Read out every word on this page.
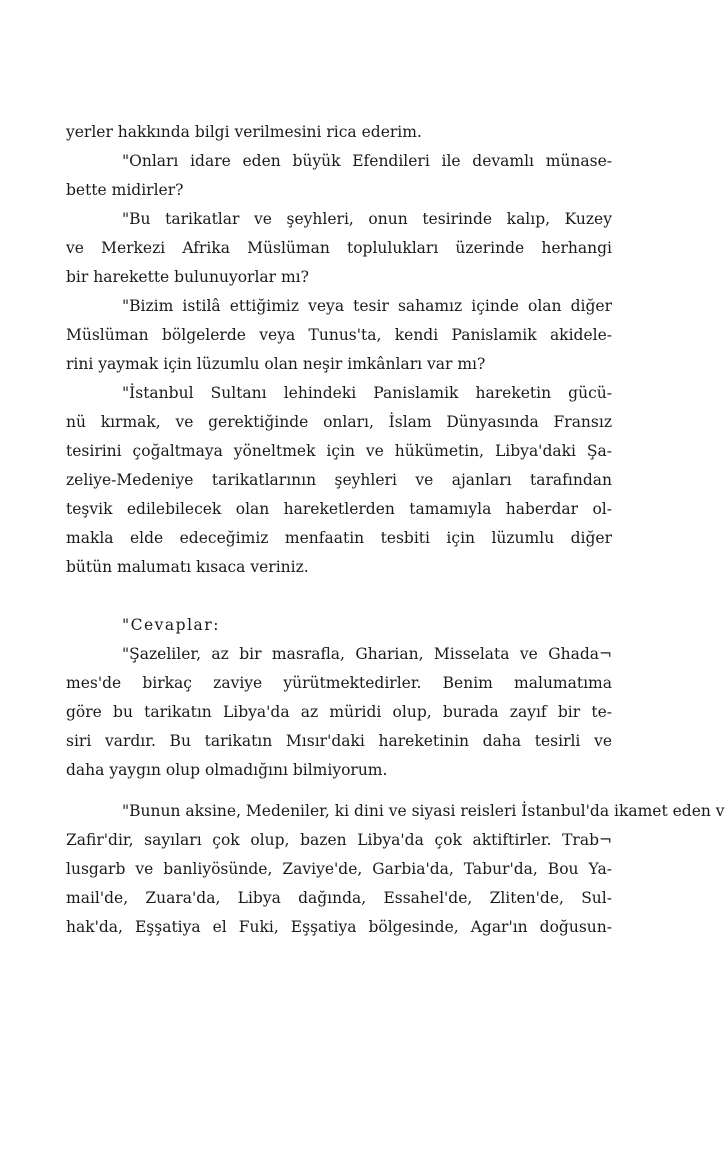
yerler hakkında bilgi verilmesini rica ederim.
"Onları idare eden büyük Efendileri ile devamlı münase-
bette midirler?
"Bu tarikatlar ve şeyhleri, onun tesirinde kalıp, Kuzey
ve Merkezi Afrika Müslüman toplulukları üzerinde herhangi
bir harekette bulunuyorlar mı?
"Bizim istilâ ettiğimiz veya tesir sahamız içinde olan diğer
Müslüman bölgelerde veya Tunus'ta, kendi Panislamik akidele-
rini yaymak için lüzumlu olan neşir imkânları var mı?
"İstanbul Sultanı lehindeki Panislamik hareketin gücü-
nü kırmak, ve gerektiğinde onları, İslam Dünyasında Fransız
tesirini çoğaltmaya yöneltmek için ve hükümetin, Libya'daki Şa-
zeliye-Medeniye tarikatlarının şeyhleri ve ajanları tarafından
teşvik edilebilecek olan hareketlerden tamamıyla haberdar ol-
makla elde edeceğimiz menfaatin tesbiti için lüzumlu diğer
bütün malumatı kısaca veriniz.
"Cevaplar:
"Şazeliler, az bir masrafla, Gharian, Misselata ve Ghada¬
mes'de birkaç zaviye yürütmektedirler. Benim malumatıma
göre bu tarikatın Libya'da az müridi olup, burada zayıf bir te-
siri vardır. Bu tarikatın Mısır'daki hareketinin daha tesirli ve
daha yaygın olup olmadığını bilmiyorum.
"Bunun aksine, Medeniler, ki dini ve siyasi reisleri İstanbul'da ikamet eden v
Zafir'dir, sayıları çok olup, bazen Libya'da çok aktiftirler. Trab¬
lusgarb ve banliyösünde, Zaviye'de, Garbia'da, Tabur'da, Bou Ya-
mail'de, Zuara'da, Libya dağında, Essahel'de, Zliten'de, Sul-
hak'da, Eşşatiya el Fuki, Eşşatiya bölgesinde, Agar'ın doğusun-
